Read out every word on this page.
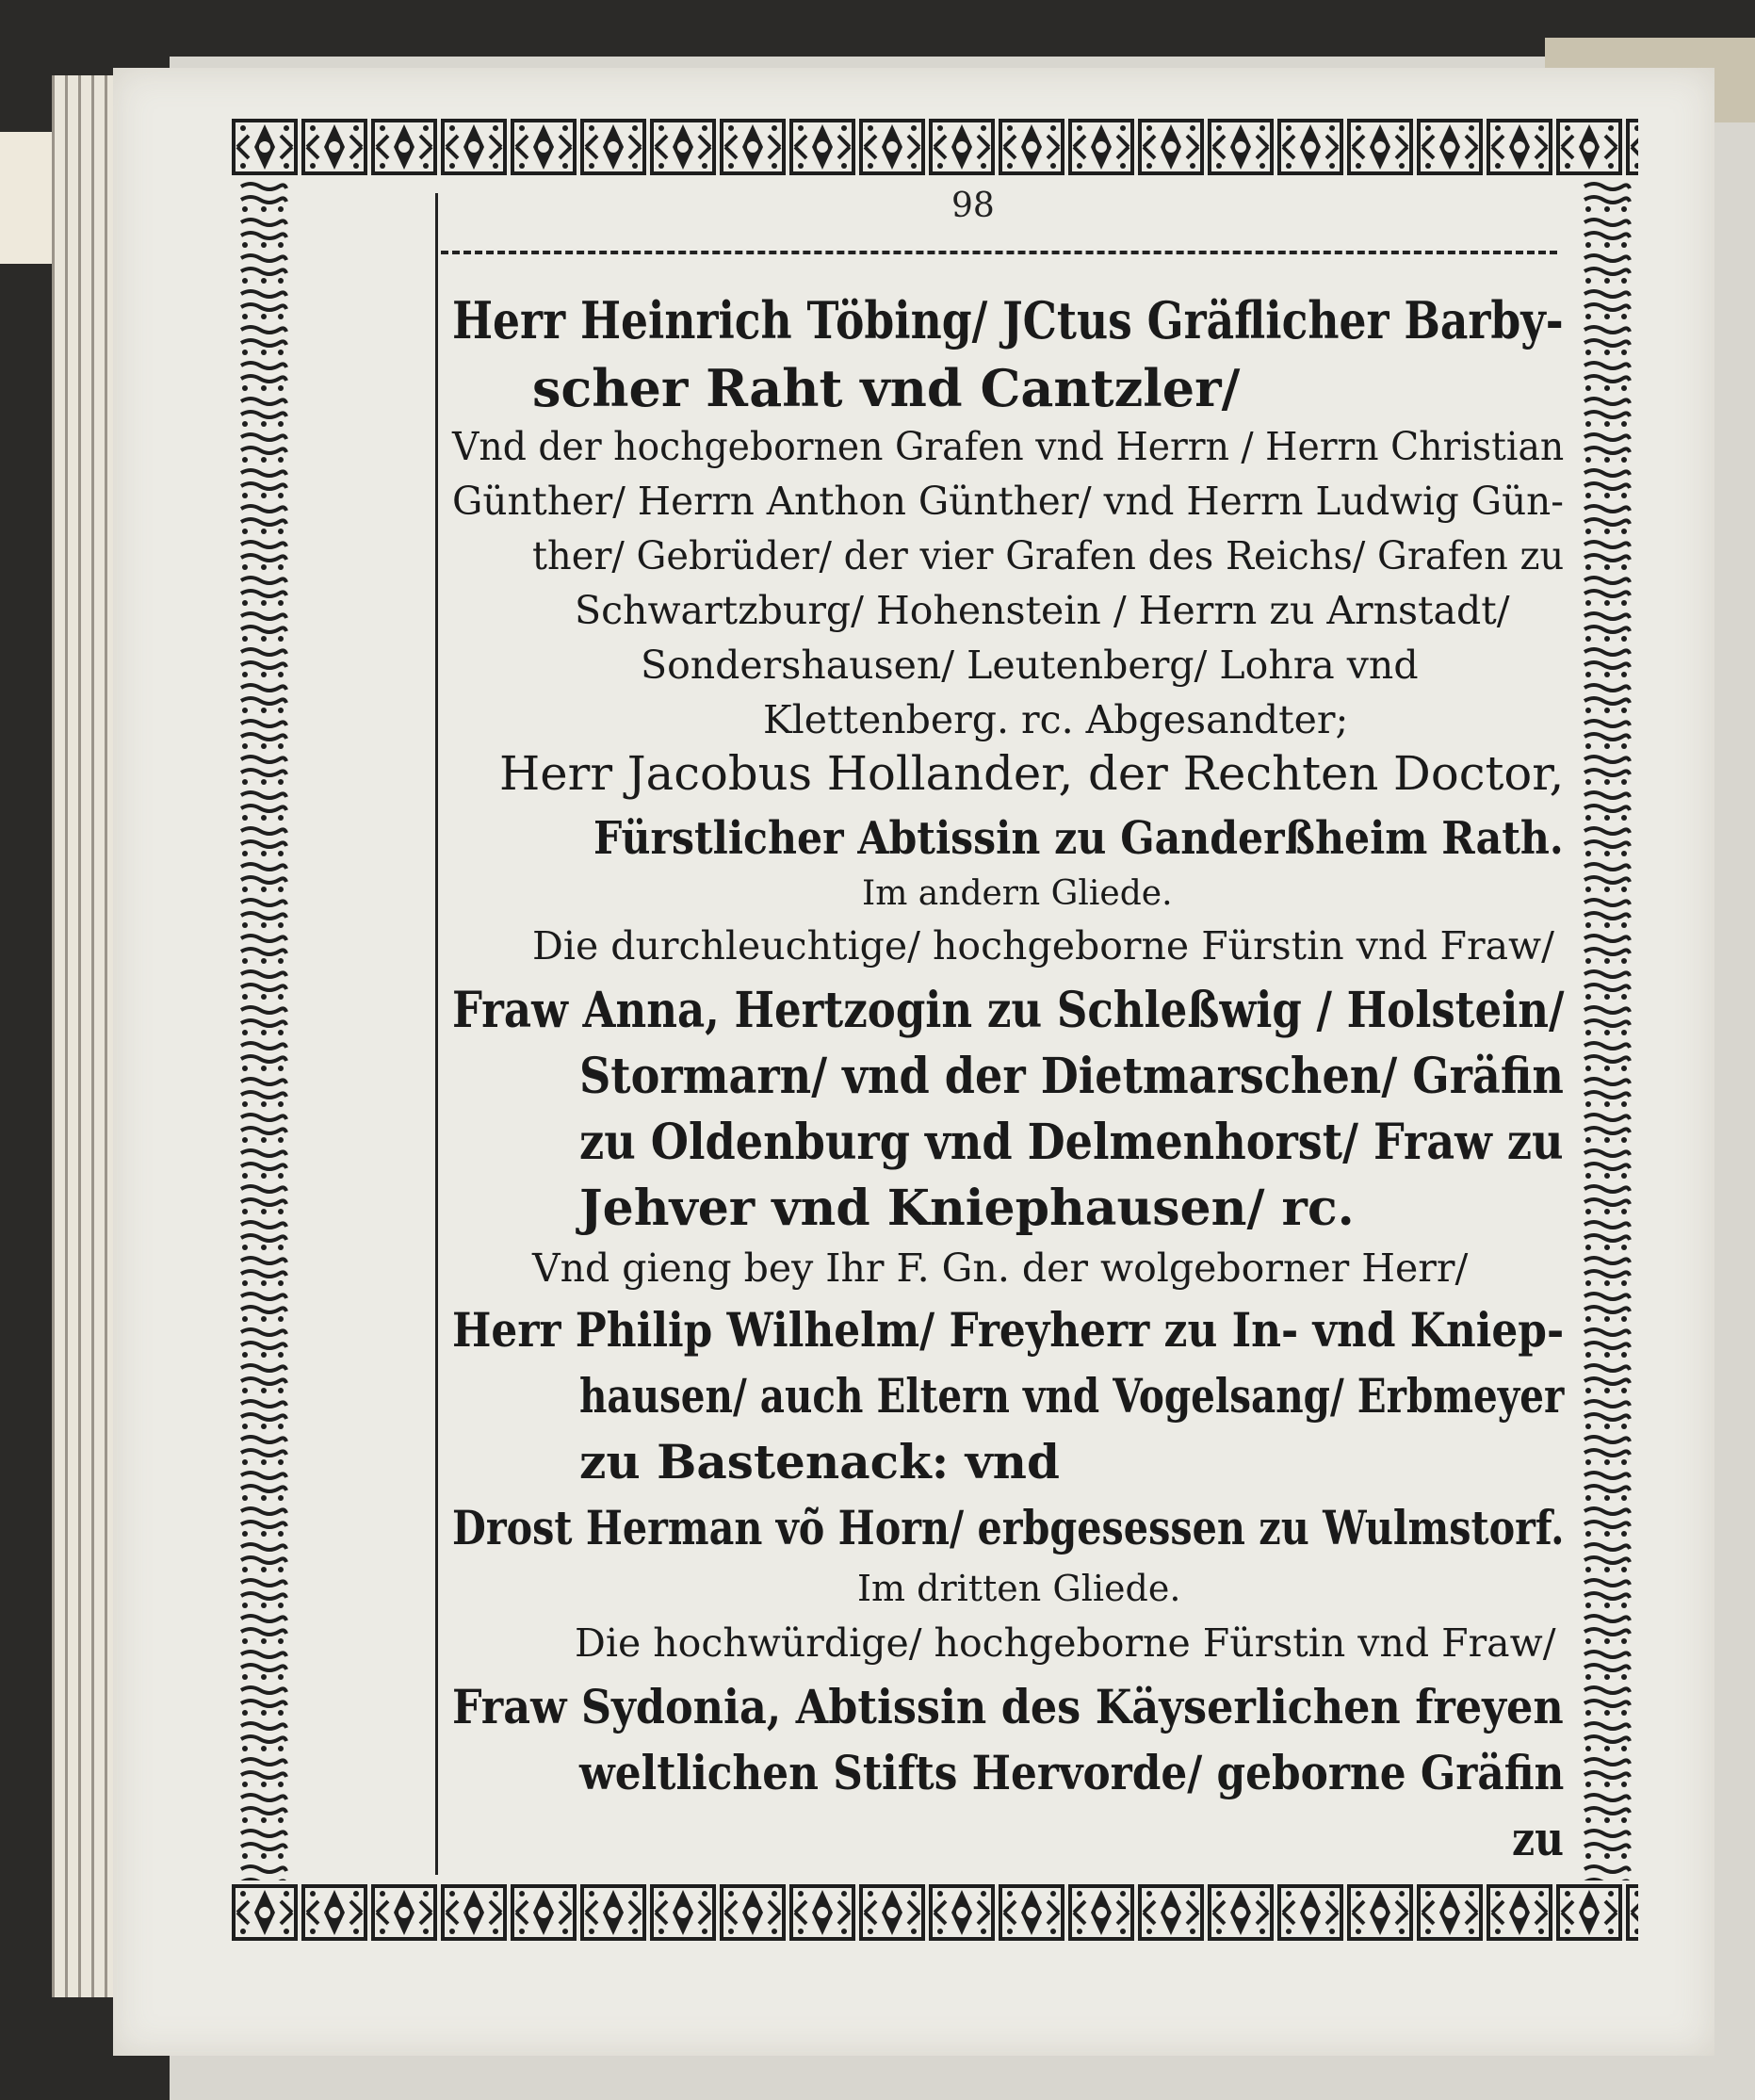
98
Herr Heinrich Töbing/ JCtus Gräflicher Barby-
scher Raht vnd Cantzler/
Vnd der hochgebornen Grafen vnd Herrn / Herrn Christian
Günther/ Herrn Anthon Günther/ vnd Herrn Ludwig Gün-
ther/ Gebrüder/ der vier Grafen des Reichs/ Grafen zu
Schwartzburg/ Hohenstein / Herrn zu Arnstadt/
Sondershausen/ Leutenberg/ Lohra vnd
Klettenberg. rc. Abgesandter;
Herr Jacobus Hollander, der Rechten Doctor,
Fürstlicher Abtissin zu Ganderßheim Rath.
Im andern Gliede.
Die durchleuchtige/ hochgeborne Fürstin vnd Fraw/
Fraw Anna, Hertzogin zu Schleßwig / Holstein/
Stormarn/ vnd der Dietmarschen/ Gräfin
zu Oldenburg vnd Delmenhorst/ Fraw zu
Jehver vnd Kniephausen/ rc.
Vnd gieng bey Ihr F. Gn. der wolgeborner Herr/
Herr Philip Wilhelm/ Freyherr zu In- vnd Kniep-
hausen/ auch Eltern vnd Vogelsang/ Erbmeyer
zu Bastenack: vnd
Drost Herman võ Horn/ erbgesessen zu Wulmstorf.
Im dritten Gliede.
Die hochwürdige/ hochgeborne Fürstin vnd Fraw/
Fraw Sydonia, Abtissin des Käyserlichen freyen
weltlichen Stifts Hervorde/ geborne Gräfin
zu
